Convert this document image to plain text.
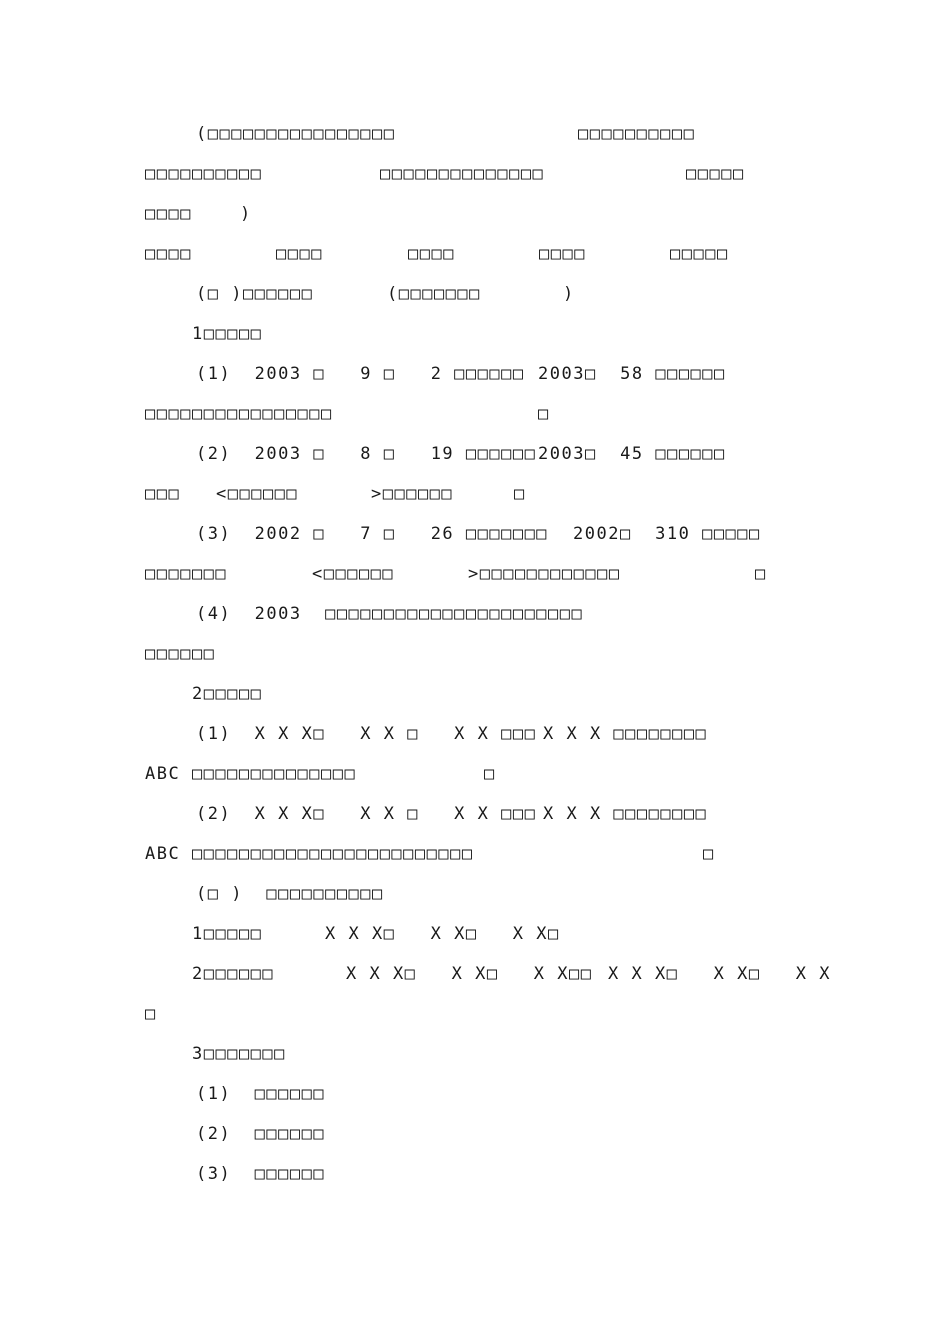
(□□□□□□□□□□□□□□□□

	□□□□□□□□□□

□□□□□□□□□□

	□□□□□□□□□□□□□□

	□□□□□

□□□□

	)

□□□□

	□□□□

	□□□□

	□□□□

	□□□□□

(□ )□□□□□□

	(□□□□□□□

	)

1□□□□□

(1)  2003 □   9 □   2 □□□□□□

2003□  58 □□□□□□

□□□□□□□□□□□□□□□□

	□

(2)  2003 □   8 □   19 □□□□□□

2003□  45 □□□□□□

□□□

<□□□□□□

	>□□□□□□

	□

(3)  2002 □   7 □   26 □□□□□□□

2002□  310 □□□□□

□□□□□□□

	<□□□□□□

	>□□□□□□□□□□□□

	□

(4)  2003  □□□□□□□□□□□□□□□□□□□□□□

□□□□□□

2□□□□□

(1)  X X X□   X X □   X X □□□

X X X □□□□□□□□

ABC □□□□□□□□□□□□□□

	□

(2)  X X X□   X X □   X X □□□

X X X □□□□□□□□

ABC □□□□□□□□□□□□□□□□□□□□□□□□

	□

(□ )  □□□□□□□□□□

1□□□□□

	X X X□   X X□   X X□

2□□□□□□

	X X X□   X X□   X X□□

X X X□   X X□   X X

□

3□□□□□□□

(1)  □□□□□□

(2)  □□□□□□

(3)  □□□□□□
